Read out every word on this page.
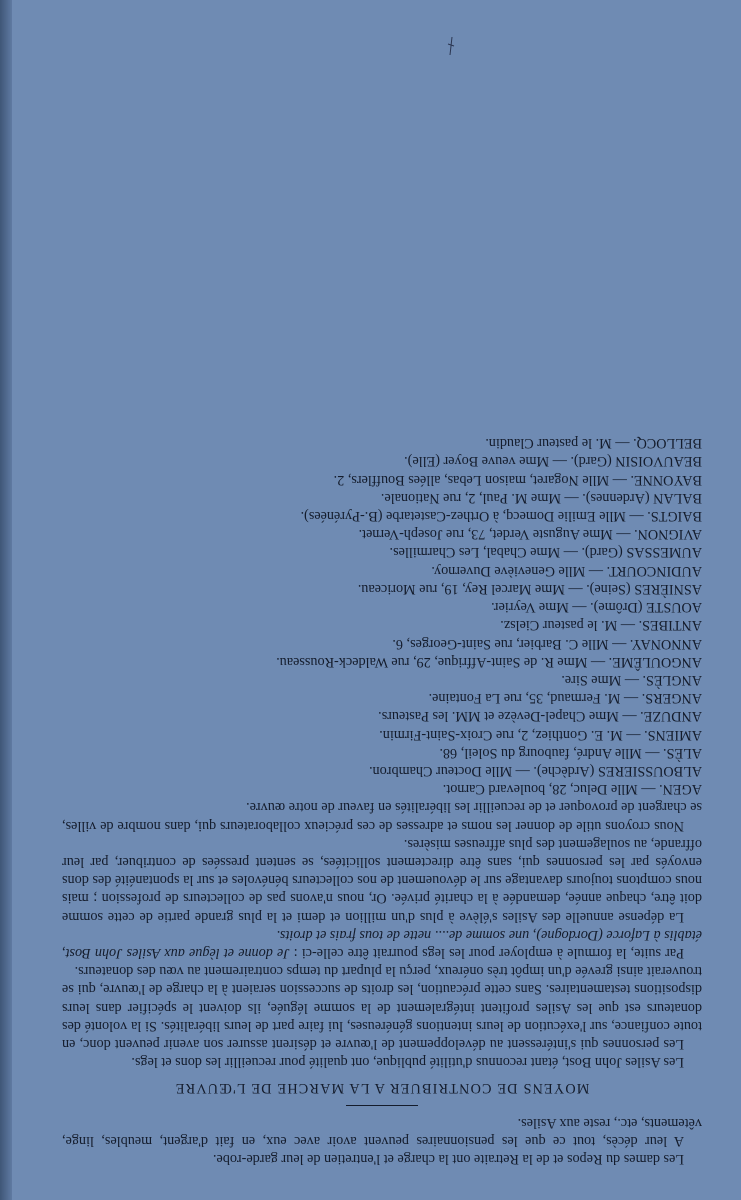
Les dames du Repos et de la Retraite ont la charge et l'entretien de leur garde-robe.

A leur décès, tout ce que les pensionnaires peuvent avoir avec eux, en fait d'argent, meubles, linge, vêtements, etc., reste aux Asiles.

MOYENS DE CONTRIBUER A LA MARCHE DE L'ŒUVRE

Les Asiles John Bost, étant reconnus d'utilité publique, ont qualité pour recueillir les dons et legs.

Les personnes qui s'intéressent au développement de l'œuvre et désirent assurer son avenir peuvent donc, en toute confiance, sur l'exécution de leurs intentions généreuses, lui faire part de leurs libéralités. Si la volonté des donateurs est que les Asiles profitent intégralement de la somme léguée, ils doivent le spécifier dans leurs dispositions testamentaires. Sans cette précaution, les droits de succession seraient à la charge de l'œuvre, qui se trouverait ainsi grevée d'un impôt très onéreux, perçu la plupart du temps contrairement au vœu des donateurs.

Par suite, la formule à employer pour les legs pourrait être celle-ci : Je donne et lègue aux Asiles John Bost, établis à Laforce (Dordogne), une somme de.... nette de tous frais et droits.

La dépense annuelle des Asiles s'élève à plus d'un million et demi et la plus grande partie de cette somme doit être, chaque année, demandée à la charité privée. Or, nous n'avons pas de collecteurs de profession ; mais nous comptons toujours davantage sur le dévouement de nos collecteurs bénévoles et sur la spontanéité des dons envoyés par les personnes qui, sans être directement sollicitées, se sentent pressées de contribuer, par leur offrande, au soulagement des plus affreuses misères.

Nous croyons utile de donner les noms et adresses de ces précieux collaborateurs qui, dans nombre de villes, se chargent de provoquer et de recueillir les libéralités en faveur de notre œuvre.

AGEN. — Mlle Deluc, 28, boulevard Carnot.

ALBOUSSIERES (Ardèche). — Mlle Docteur Chambron.

ALÈS. — Mlle André, faubourg du Soleil, 68.

AMIENS. — M. E. Gonthiez, 2, rue Croix-Saint-Firmin.

ANDUZE. — Mme Chapel-Devèze et MM. les Pasteurs.

ANGERS. — M. Fermaud, 35, rue La Fontaine.

ANGLÈS. — Mme Sire.

ANGOULÊME. — Mme R. de Saint-Affrique, 29, rue Waldeck-Rousseau.

ANNONAY. — Mlle C. Barbier, rue Saint-Georges, 6.

ANTIBES. — M. le pasteur Cielsz.

AOUSTE (Drôme). — Mme Veyrier.

ASNIÈRES (Seine). — Mme Marcel Rey, 19, rue Moriceau.

AUDINCOURT. — Mlle Geneviève Duvernoy.

AUMESSAS (Gard). — Mme Chabal, Les Charmilles.

AVIGNON. — Mme Auguste Verdet, 73, rue Joseph-Vernet.

BAIGTS. — Mlle Emilie Domecq, à Orthez-Castetarbe (B.-Pyrénées).

BALAN (Ardennes). — Mme M. Paul, 2, rue Nationale.

BAYONNE. — Mlle Nogaret, maison Lebas, allées Boufflers, 2.

BEAUVOISIN (Gard). — Mme veuve Boyer (Elle).

BELLOCQ. — M. le pasteur Claudin.
